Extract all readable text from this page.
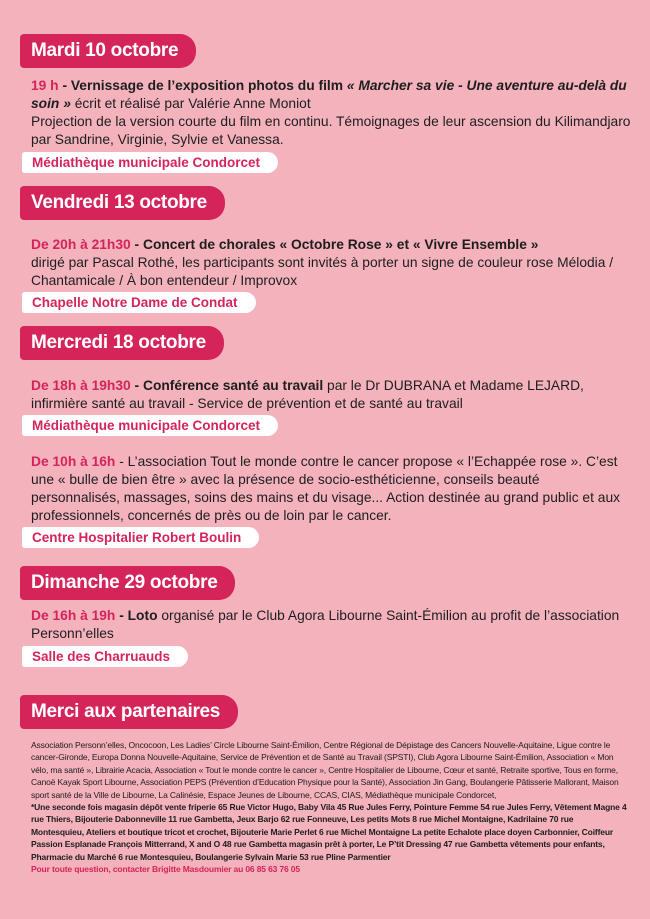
Mardi 10 octobre
Vendredi 13 octobre
Mercredi 18 octobre
Dimanche 29 octobre
Merci aux partenaires
19 h - Vernissage de l’exposition photos du film « Marcher sa vie - Une aventure au-delà du soin » écrit et réalisé par Valérie Anne Moniot
Projection de la version courte du film en continu. Témoignages de leur ascension du Kilimandjaro par Sandrine, Virginie, Sylvie et Vanessa.
Médiathèque municipale Condorcet
De 20h à 21h30 - Concert de chorales « Octobre Rose » et « Vivre Ensemble »
dirigé par Pascal Rothé, les participants sont invités à porter un signe de couleur rose Mélodia / Chantamicale / À bon entendeur / Improvox
Chapelle Notre Dame de Condat
De 18h à 19h30 - Conférence santé au travail par le Dr DUBRANA et Madame LEJARD, infirmière santé au travail - Service de prévention et de santé au travail
Médiathèque municipale Condorcet
De 10h à 16h - L’association Tout le monde contre le cancer propose « l’Echappée rose ». C’est une « bulle de bien être » avec la présence de socio-esthéticienne, conseils beauté personnalisés, massages, soins des mains et du visage... Action destinée au grand public et aux professionnels, concernés de près ou de loin par le cancer.
Centre Hospitalier Robert Boulin
De 16h à 19h - Loto organisé par le Club Agora Libourne Saint-Émilion au profit de l’association Personn’elles
Salle des Charruauds
Association Personn’elles, Oncocoon, Les Ladies’ Circle Libourne Saint-Émilion, Centre Régional de Dépistage des Cancers Nouvelle-Aquitaine, Ligue contre le cancer-Gironde, Europa Donna Nouvelle-Aquitaine, Service de Prévention et de Santé au Travail (SPSTI), Club Agora Libourne Saint-Émilion, Association « Mon vélo, ma santé », Librairie Acacia, Association « Tout le monde contre le cancer », Centre Hospitalier de Libourne, Cœur et santé, Retraite sportive, Tous en forme, Canoë Kayak Sport Libourne, Association PEPS (Prévention d’Education Physique pour la Santé), Association Jin Gang, Boulangerie Pâtisserie Mallorant, Maison sport santé de la Ville de Libourne, La Calinésie, Espace Jeunes de Libourne, CCAS, CIAS, Médiathèque municipale Condorcet,
*Une seconde fois magasin dépôt vente friperie 65 Rue Victor Hugo, Baby Vila 45 Rue Jules Ferry, Pointure Femme 54 rue Jules Ferry, Vêtement Magne 4 rue Thiers, Bijouterie Dabonneville 11 rue Gambetta, Jeux Barjo 62 rue Fonneuve, Les petits Mots 8 rue Michel Montaigne, Kadrilaine 70 rue Montesquieu, Ateliers et boutique tricot et crochet, Bijouterie Marie Perlet 6 rue Michel Montaigne La petite Echalote place doyen Carbonnier, Coiffeur Passion Esplanade François Mitterrand, X and O 48 rue Gambetta magasin prêt à porter, Le P’tit Dressing 47 rue Gambetta vêtements pour enfants, Pharmacie du Marché 6 rue Montesquieu, Boulangerie Sylvain Marie 53 rue Pline Parmentier
Pour toute question, contacter Brigitte Masdoumier au 06 85 63 76 05
